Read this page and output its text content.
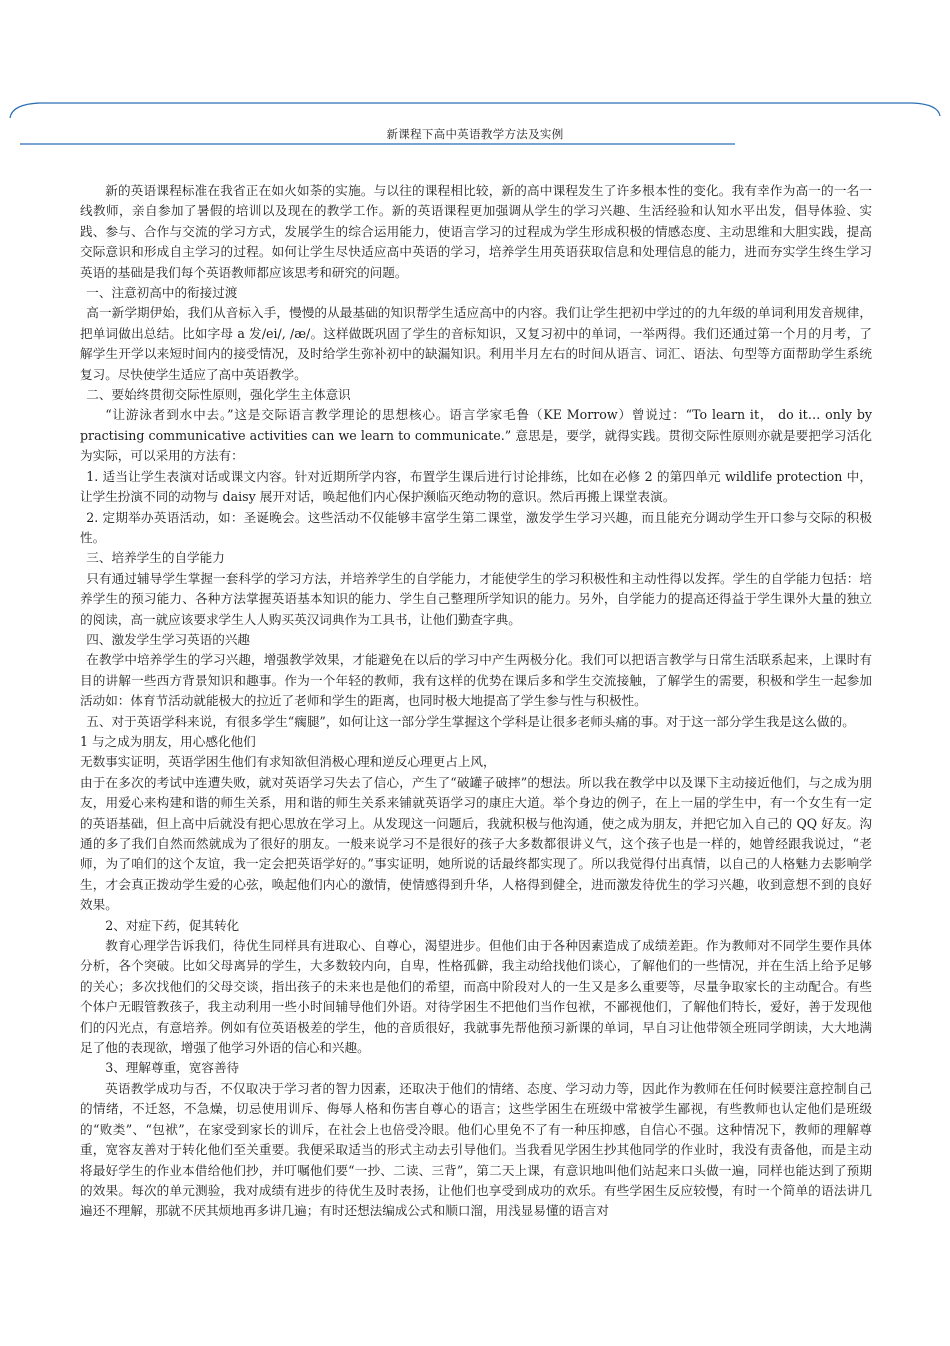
新课程下高中英语教学方法及实例

新的英语课程标准在我省正在如火如荼的实施。与以往的课程相比较，新的高中课程发生了许多根本性的变化。我有幸作为高一的一名一线教师，亲自参加了暑假的培训以及现在的教学工作。新的英语课程更加强调从学生的学习兴趣、生活经验和认知水平出发，倡导体验、实践、参与、合作与交流的学习方式，发展学生的综合运用能力，使语言学习的过程成为学生形成积极的情感态度、主动思维和大胆实践，提高交际意识和形成自主学习的过程。如何让学生尽快适应高中英语的学习，培养学生用英语获取信息和处理信息的能力，进而夯实学生终生学习英语的基础是我们每个英语教师都应该思考和研究的问题。

一、注意初高中的衔接过渡

高一新学期伊始，我们从音标入手，慢慢的从最基础的知识帮学生适应高中的内容。我们让学生把初中学过的的九年级的单词利用发音规律，把单词做出总结。比如字母 a 发/ei/, /æ/。这样做既巩固了学生的音标知识，又复习初中的单词，一举两得。我们还通过第一个月的月考，了解学生开学以来短时间内的接受情况，及时给学生弥补初中的缺漏知识。利用半月左右的时间从语言、词汇、语法、句型等方面帮助学生系统复习。尽快使学生适应了高中英语教学。

二、要始终贯彻交际性原则，强化学生主体意识

“让游泳者到水中去。”这是交际语言教学理论的思想核心。语言学家毛鲁（KE Morrow）曾说过：“To learn it， do it… only by practising communicative activities can we learn to communicate.” 意思是，要学，就得实践。贯彻交际性原则亦就是要把学习活化为实际，可以采用的方法有：

1. 适当让学生表演对话或课文内容。针对近期所学内容，布置学生课后进行讨论排练，比如在必修 2 的第四单元 wildlife protection 中，让学生扮演不同的动物与 daisy 展开对话，唤起他们内心保护濒临灭绝动物的意识。然后再搬上课堂表演。

2. 定期举办英语活动，如：圣诞晚会。这些活动不仅能够丰富学生第二课堂，激发学生学习兴趣，而且能充分调动学生开口参与交际的积极性。

三、培养学生的自学能力

只有通过辅导学生掌握一套科学的学习方法，并培养学生的自学能力，才能使学生的学习积极性和主动性得以发挥。学生的自学能力包括：培养学生的预习能力、各种方法掌握英语基本知识的能力、学生自己整理所学知识的能力。另外，自学能力的提高还得益于学生课外大量的独立的阅读，高一就应该要求学生人人购买英汉词典作为工具书，让他们勤查字典。

四、激发学生学习英语的兴趣

在教学中培养学生的学习兴趣，增强教学效果，才能避免在以后的学习中产生两极分化。我们可以把语言教学与日常生活联系起来，上课时有目的讲解一些西方背景知识和趣事。作为一个年轻的教师，我有这样的优势在课后多和学生交流接触，了解学生的需要，积极和学生一起参加活动如：体育节活动就能极大的拉近了老师和学生的距离，也同时极大地提高了学生参与性与积极性。

五、对于英语学科来说，有很多学生“瘸腿”，如何让这一部分学生掌握这个学科是让很多老师头痛的事。对于这一部分学生我是这么做的。

1 与之成为朋友，用心感化他们

无数事实证明，英语学困生他们有求知欲但消极心理和逆反心理更占上风，

由于在多次的考试中连遭失败，就对英语学习失去了信心，产生了“破罐子破摔”的想法。所以我在教学中以及课下主动接近他们，与之成为朋友，用爱心来构建和谐的师生关系，用和谐的师生关系来铺就英语学习的康庄大道。举个身边的例子，在上一届的学生中，有一个女生有一定的英语基础，但上高中后就没有把心思放在学习上。从发现这一问题后，我就积极与他沟通，使之成为朋友，并把它加入自己的 QQ 好友。沟通的多了我们自然而然就成为了很好的朋友。一般来说学习不是很好的孩子大多数都很讲义气，这个孩子也是一样的，她曾经跟我说过，“老师，为了咱们的这个友谊，我一定会把英语学好的。”事实证明，她所说的话最终都实现了。所以我觉得付出真情，以自己的人格魅力去影响学生，才会真正拨动学生爱的心弦，唤起他们内心的激情，使情感得到升华，人格得到健全，进而激发待优生的学习兴趣，收到意想不到的良好效果。

2、对症下药，促其转化

教育心理学告诉我们，待优生同样具有进取心、自尊心，渴望进步。但他们由于各种因素造成了成绩差距。作为教师对不同学生要作具体分析，各个突破。比如父母离异的学生，大多数较内向，自卑，性格孤僻，我主动给找他们谈心，了解他们的一些情况，并在生活上给予足够的关心；多次找他们的父母交谈，指出孩子的未来也是他们的希望，而高中阶段对人的一生又是多么重要等，尽量争取家长的主动配合。有些个体户无暇管教孩子，我主动利用一些小时间辅导他们外语。对待学困生不把他们当作包袱，不鄙视他们，了解他们特长，爱好，善于发现他们的闪光点，有意培养。例如有位英语极差的学生，他的音质很好，我就事先帮他预习新课的单词，早自习让他带领全班同学朗读，大大地满足了他的表现欲，增强了他学习外语的信心和兴趣。

3、理解尊重，宽容善待

英语教学成功与否，不仅取决于学习者的智力因素，还取决于他们的情绪、态度、学习动力等，因此作为教师在任何时候要注意控制自己的情绪，不迁怒，不急燥，切忌使用训斥、侮辱人格和伤害自尊心的语言；这些学困生在班级中常被学生鄙视，有些教师也认定他们是班级的“败类”、“包袱”，在家受到家长的训斥，在社会上也倍受冷眼。他们心里免不了有一种压抑感，自信心不强。这种情况下，教师的理解尊重，宽容友善对于转化他们至关重要。我便采取适当的形式主动去引导他们。当我看见学困生抄其他同学的作业时，我没有责备他，而是主动将最好学生的作业本借给他们抄，并叮嘱他们要“一抄、二读、三背”，第二天上课，有意识地叫他们站起来口头做一遍，同样也能达到了预期的效果。每次的单元测验，我对成绩有进步的待优生及时表扬，让他们也享受到成功的欢乐。有些学困生反应较慢，有时一个简单的语法讲几遍还不理解，那就不厌其烦地再多讲几遍；有时还想法编成公式和顺口溜，用浅显易懂的语言对
